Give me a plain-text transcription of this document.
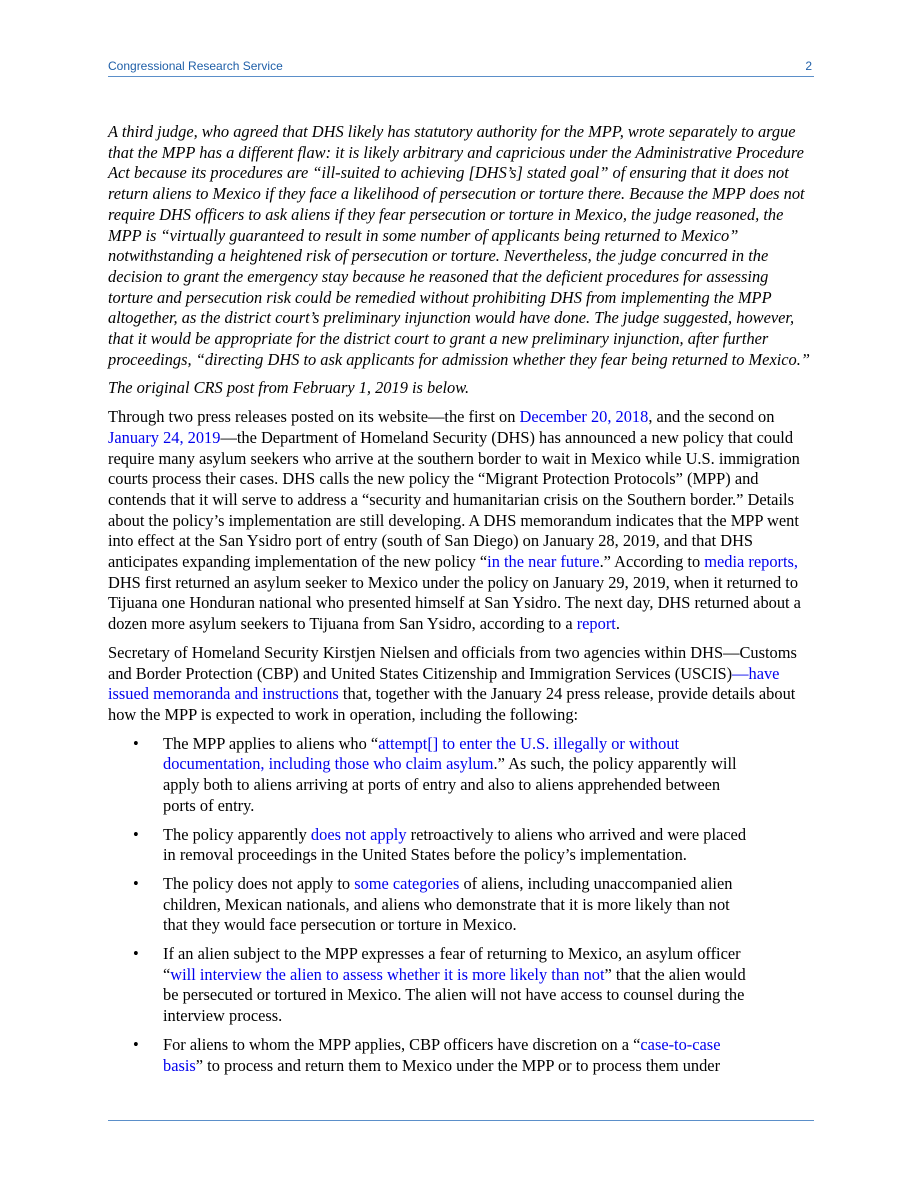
Congressional Research Service	2

A third judge, who agreed that DHS likely has statutory authority for the MPP, wrote separately to argue that the MPP has a different flaw: it is likely arbitrary and capricious under the Administrative Procedure Act because its procedures are “ill-suited to achieving [DHS’s] stated goal” of ensuring that it does not return aliens to Mexico if they face a likelihood of persecution or torture there. Because the MPP does not require DHS officers to ask aliens if they fear persecution or torture in Mexico, the judge reasoned, the MPP is “virtually guaranteed to result in some number of applicants being returned to Mexico” notwithstanding a heightened risk of persecution or torture. Nevertheless, the judge concurred in the decision to grant the emergency stay because he reasoned that the deficient procedures for assessing torture and persecution risk could be remedied without prohibiting DHS from implementing the MPP altogether, as the district court’s preliminary injunction would have done. The judge suggested, however, that it would be appropriate for the district court to grant a new preliminary injunction, after further proceedings, “directing DHS to ask applicants for admission whether they fear being returned to Mexico.”

The original CRS post from February 1, 2019 is below.

Through two press releases posted on its website—the first on December 20, 2018, and the second on January 24, 2019—the Department of Homeland Security (DHS) has announced a new policy that could require many asylum seekers who arrive at the southern border to wait in Mexico while U.S. immigration courts process their cases. DHS calls the new policy the “Migrant Protection Protocols” (MPP) and contends that it will serve to address a “security and humanitarian crisis on the Southern border.” Details about the policy’s implementation are still developing. A DHS memorandum indicates that the MPP went into effect at the San Ysidro port of entry (south of San Diego) on January 28, 2019, and that DHS anticipates expanding implementation of the new policy “in the near future.” According to media reports, DHS first returned an asylum seeker to Mexico under the policy on January 29, 2019, when it returned to Tijuana one Honduran national who presented himself at San Ysidro. The next day, DHS returned about a dozen more asylum seekers to Tijuana from San Ysidro, according to a report.

Secretary of Homeland Security Kirstjen Nielsen and officials from two agencies within DHS—Customs and Border Protection (CBP) and United States Citizenship and Immigration Services (USCIS)—have issued memoranda and instructions that, together with the January 24 press release, provide details about how the MPP is expected to work in operation, including the following:

• The MPP applies to aliens who “attempt[] to enter the U.S. illegally or without documentation, including those who claim asylum.” As such, the policy apparently will apply both to aliens arriving at ports of entry and also to aliens apprehended between ports of entry.
• The policy apparently does not apply retroactively to aliens who arrived and were placed in removal proceedings in the United States before the policy’s implementation.
• The policy does not apply to some categories of aliens, including unaccompanied alien children, Mexican nationals, and aliens who demonstrate that it is more likely than not that they would face persecution or torture in Mexico.
• If an alien subject to the MPP expresses a fear of returning to Mexico, an asylum officer “will interview the alien to assess whether it is more likely than not” that the alien would be persecuted or tortured in Mexico. The alien will not have access to counsel during the interview process.
• For aliens to whom the MPP applies, CBP officers have discretion on a “case-to-case basis” to process and return them to Mexico under the MPP or to process them under
